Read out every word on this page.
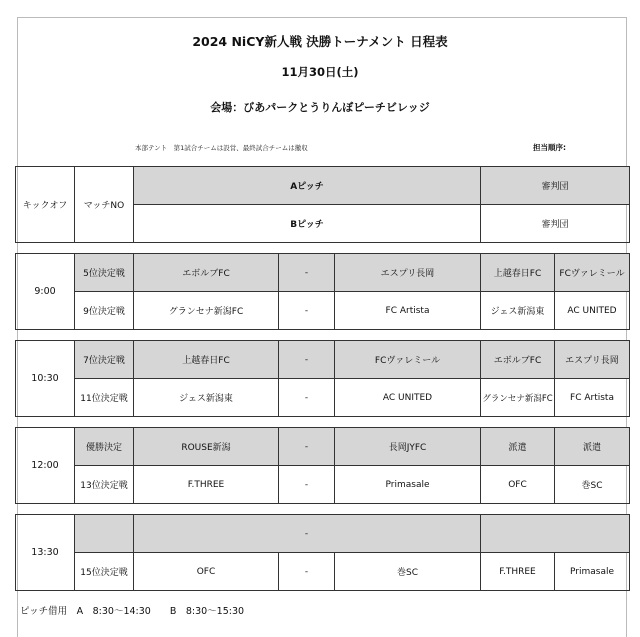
2024 NiCY新人戦 決勝トーナメント 日程表
11月30日(土)
会場：びあパークとうりんぼピーチビレッジ
本部テント　第1試合チームは設営、最終試合チームは撤収	担当順序:
キックオフ	マッチNO	Aピッチ	審判団
		Bピッチ	審判団
9:00	5位決定戦	エボルブFC	-	エスプリ長岡	上越春日FC	FCヴァレミール
	9位決定戦	グランセナ新潟FC	-	FC Artista	ジェス新潟東	AC UNITED
10:30	7位決定戦	上越春日FC	-	FCヴァレミール	エボルブFC	エスプリ長岡
	11位決定戦	ジェス新潟東	-	AC UNITED	グランセナ新潟FC	FC Artista
12:00	優勝決定	ROUSE新潟	-	長岡JYFC	派遣	派遣
	13位決定戦	F.THREE	-	Primasale	OFC	巻SC
13:30			-			
	15位決定戦	OFC	-	巻SC	F.THREE	Primasale
ピッチ借用　A　8:30～14:30　　B　8:30～15:30
